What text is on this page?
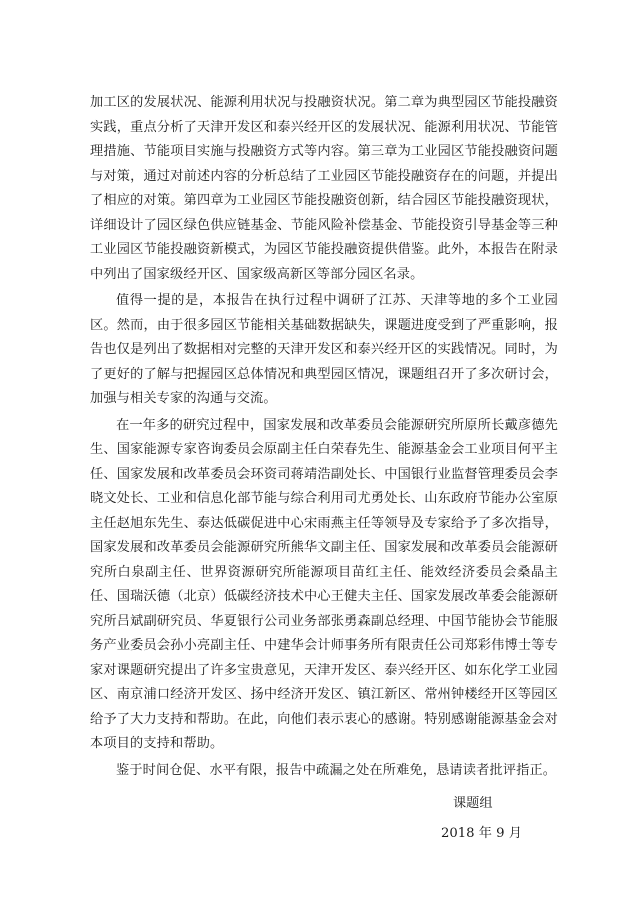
加工区的发展状况、能源利用状况与投融资状况。第二章为典型园区节能投融资实践，重点分析了天津开发区和泰兴经开区的发展状况、能源利用状况、节能管理措施、节能项目实施与投融资方式等内容。第三章为工业园区节能投融资问题与对策，通过对前述内容的分析总结了工业园区节能投融资存在的问题，并提出了相应的对策。第四章为工业园区节能投融资创新，结合园区节能投融资现状，详细设计了园区绿色供应链基金、节能风险补偿基金、节能投资引导基金等三种工业园区节能投融资新模式，为园区节能投融资提供借鉴。此外，本报告在附录中列出了国家级经开区、国家级高新区等部分园区名录。

值得一提的是，本报告在执行过程中调研了江苏、天津等地的多个工业园区。然而，由于很多园区节能相关基础数据缺失，课题进度受到了严重影响，报告也仅是列出了数据相对完整的天津开发区和泰兴经开区的实践情况。同时，为了更好的了解与把握园区总体情况和典型园区情况，课题组召开了多次研讨会，加强与相关专家的沟通与交流。

在一年多的研究过程中，国家发展和改革委员会能源研究所原所长戴彦德先生、国家能源专家咨询委员会原副主任白荣春先生、能源基金会工业项目何平主任、国家发展和改革委员会环资司蒋靖浩副处长、中国银行业监督管理委员会李晓文处长、工业和信息化部节能与综合利用司尤勇处长、山东政府节能办公室原主任赵旭东先生、泰达低碳促进中心宋雨燕主任等领导及专家给予了多次指导，国家发展和改革委员会能源研究所熊华文副主任、国家发展和改革委员会能源研究所白泉副主任、世界资源研究所能源项目苗红主任、能效经济委员会桑晶主任、国瑞沃德（北京）低碳经济技术中心王健夫主任、国家发展改革委会能源研究所吕斌副研究员、华夏银行公司业务部张勇森副总经理、中国节能协会节能服务产业委员会孙小亮副主任、中建华会计师事务所有限责任公司郑彩伟博士等专家对课题研究提出了许多宝贵意见，天津开发区、泰兴经开区、如东化学工业园区、南京浦口经济开发区、扬中经济开发区、镇江新区、常州钟楼经开区等园区给予了大力支持和帮助。在此，向他们表示衷心的感谢。特别感谢能源基金会对本项目的支持和帮助。

鉴于时间仓促、水平有限，报告中疏漏之处在所难免，恳请读者批评指正。

课题组
2018 年 9 月
